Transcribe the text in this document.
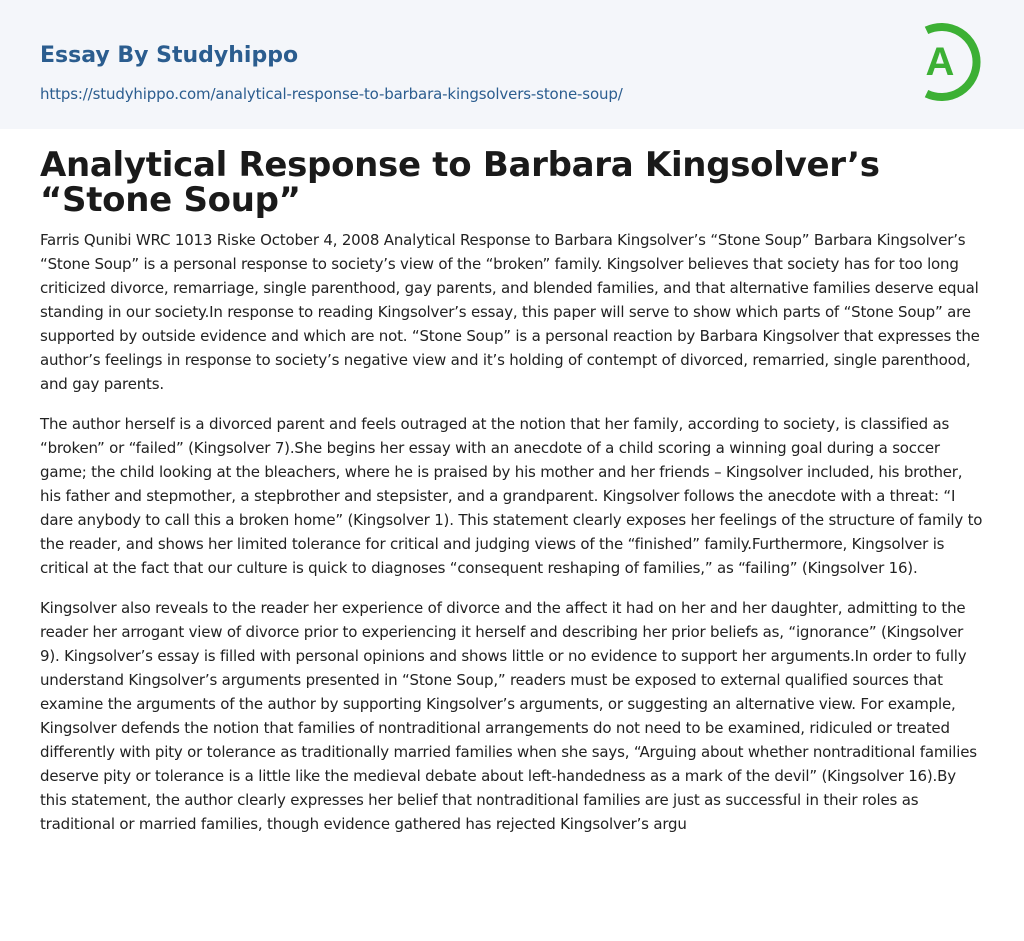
Essay By Studyhippo
https://studyhippo.com/analytical-response-to-barbara-kingsolvers-stone-soup/
A
Analytical Response to Barbara Kingsolver’s “Stone Soup”

Farris Qunibi WRC 1013 Riske October 4, 2008 Analytical Response to Barbara Kingsolver’s “Stone Soup” Barbara Kingsolver’s “Stone Soup” is a personal response to society’s view of the “broken” family. Kingsolver believes that society has for too long criticized divorce, remarriage, single parenthood, gay parents, and blended families, and that alternative families deserve equal standing in our society.In response to reading Kingsolver’s essay, this paper will serve to show which parts of “Stone Soup” are supported by outside evidence and which are not. “Stone Soup” is a personal reaction by Barbara Kingsolver that expresses the author’s feelings in response to society’s negative view and it’s holding of contempt of divorced, remarried, single parenthood, and gay parents.

The author herself is a divorced parent and feels outraged at the notion that her family, according to society, is classified as “broken” or “failed” (Kingsolver 7).She begins her essay with an anecdote of a child scoring a winning goal during a soccer game; the child looking at the bleachers, where he is praised by his mother and her friends – Kingsolver included, his brother, his father and stepmother, a stepbrother and stepsister, and a grandparent. Kingsolver follows the anecdote with a threat: “I dare anybody to call this a broken home” (Kingsolver 1). This statement clearly exposes her feelings of the structure of family to the reader, and shows her limited tolerance for critical and judging views of the “finished” family.Furthermore, Kingsolver is critical at the fact that our culture is quick to diagnoses “consequent reshaping of families,” as “failing” (Kingsolver 16).

Kingsolver also reveals to the reader her experience of divorce and the affect it had on her and her daughter, admitting to the reader her arrogant view of divorce prior to experiencing it herself and describing her prior beliefs as, “ignorance” (Kingsolver 9). Kingsolver’s essay is filled with personal opinions and shows little or no evidence to support her arguments.In order to fully understand Kingsolver’s arguments presented in “Stone Soup,” readers must be exposed to external qualified sources that examine the arguments of the author by supporting Kingsolver’s arguments, or suggesting an alternative view. For example, Kingsolver defends the notion that families of nontraditional arrangements do not need to be examined, ridiculed or treated differently with pity or tolerance as traditionally married families when she says, “Arguing about whether nontraditional families deserve pity or tolerance is a little like the medieval debate about left-handedness as a mark of the devil” (Kingsolver 16).By this statement, the author clearly expresses her belief that nontraditional families are just as successful in their roles as traditional or married families, though evidence gathered has rejected Kingsolver’s argu
